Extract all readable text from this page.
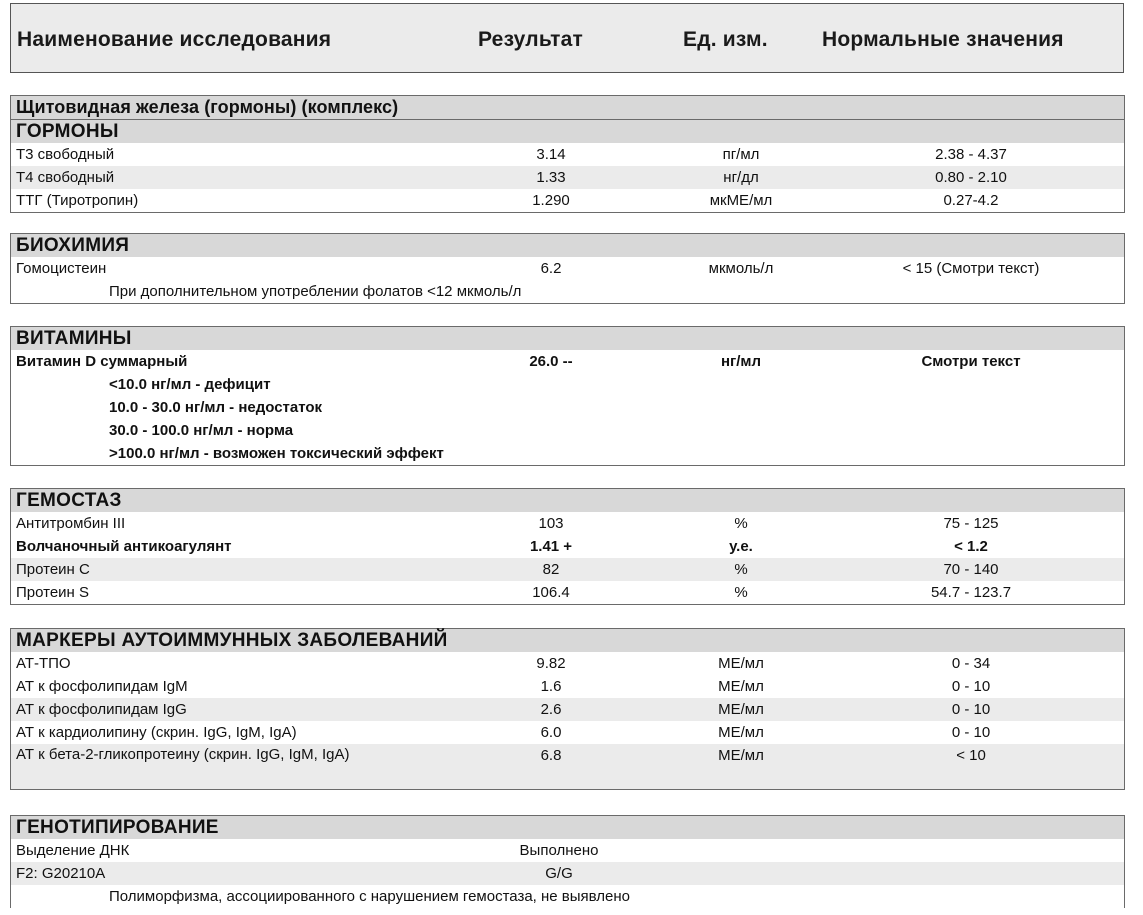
Наименование исследования	Результат	Ед. изм.	Нормальные значения
Щитовидная железа (гормоны) (комплекс)
ГОРМОНЫ
Т3 свободный	3.14	пг/мл	2.38 - 4.37
Т4 свободный	1.33	нг/дл	0.80 - 2.10
ТТГ (Тиротропин)	1.290	мкМЕ/мл	0.27-4.2
БИОХИМИЯ
Гомоцистеин	6.2	мкмоль/л	< 15 (Смотри текст)
При дополнительном употреблении фолатов <12 мкмоль/л
ВИТАМИНЫ
Витамин D суммарный	26.0 --	нг/мл	Смотри текст
<10.0 нг/мл - дефицит
10.0 - 30.0 нг/мл - недостаток
30.0 - 100.0 нг/мл - норма
>100.0 нг/мл - возможен токсический эффект
ГЕМОСТАЗ
Антитромбин III	103	%	75 - 125
Волчаночный антикоагулянт	1.41 +	у.е.	< 1.2
Протеин C	82	%	70 - 140
Протеин S	106.4	%	54.7 - 123.7
МАРКЕРЫ АУТОИММУННЫХ ЗАБОЛЕВАНИЙ
АТ-ТПО	9.82	МЕ/мл	0 - 34
АТ к фосфолипидам IgM	1.6	МЕ/мл	0 - 10
АТ к фосфолипидам IgG	2.6	МЕ/мл	0 - 10
АТ к кардиолипину (скрин. IgG, IgM, IgA)	6.0	МЕ/мл	0 - 10
АТ к бета-2-гликопротеину (скрин. IgG, IgM, IgA)	6.8	МЕ/мл	< 10
ГЕНОТИПИРОВАНИЕ
Выделение ДНК	Выполнено
F2: G20210A	G/G
Полиморфизма, ассоциированного с нарушением гемостаза, не выявлено
